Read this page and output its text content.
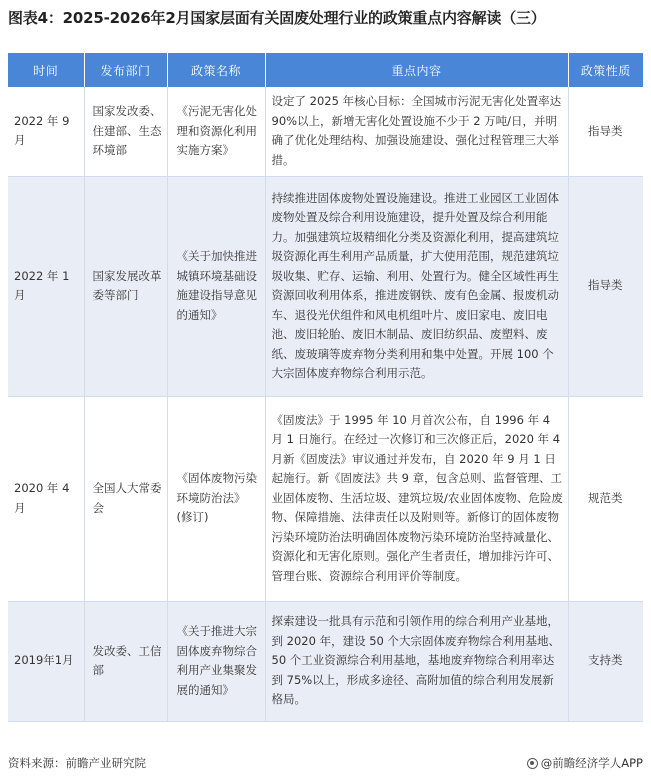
图表4：2025-2026年2月国家层面有关固废处理行业的政策重点内容解读（三）
时间	发布部门	政策名称	重点内容	政策性质
2022 年 9 月	国家发改委、住建部、生态环境部	《污泥无害化处理和资源化利用实施方案》	设定了 2025 年核心目标：全国城市污泥无害化处置率达 90%以上，新增无害化处置设施不少于 2 万吨/日，并明确了优化处理结构、加强设施建设、强化过程管理三大举措。	指导类
2022 年 1 月	国家发展改革委等部门	《关于加快推进城镇环境基础设施建设指导意见的通知》	持续推进固体废物处置设施建设。推进工业园区工业固体废物处置及综合利用设施建设，提升处置及综合利用能力。加强建筑垃圾精细化分类及资源化利用，提高建筑垃圾资源化再生利用产品质量，扩大使用范围，规范建筑垃圾收集、贮存、运输、利用、处置行为。健全区域性再生资源回收利用体系，推进废钢铁、废有色金属、报废机动车、退役光伏组件和风电机组叶片、废旧家电、废旧电池、废旧轮胎、废旧木制品、废旧纺织品、废塑料、废纸、废玻璃等废弃物分类利用和集中处置。开展 100 个大宗固体废弃物综合利用示范。	指导类
2020 年 4 月	全国人大常委会	《固体废物污染环境防治法》(修订)	《固废法》于 1995 年 10 月首次公布，自 1996 年 4 月 1 日施行。在经过一次修订和三次修正后，2020 年 4 月新《固废法》审议通过并发布，自 2020 年 9 月 1 日起施行。新《固废法》共 9 章，包含总则、监督管理、工业固体废物、生活垃圾、建筑垃圾/农业固体废物、危险废物、保障措施、法律责任以及附则等。新修订的固体废物污染环境防治法明确固体废物污染环境防治坚持减量化、资源化和无害化原则。强化产生者责任，增加排污许可、管理台账、资源综合利用评价等制度。	规范类
2019年1月	发改委、工信部	《关于推进大宗固体废弃物综合利用产业集聚发展的通知》	探索建设一批具有示范和引领作用的综合利用产业基地，到 2020 年，建设 50 个大宗固体废弃物综合利用基地、50 个工业资源综合利用基地，基地废弃物综合利用率达到 75%以上，形成多途径、高附加值的综合利用发展新格局。	支持类
资料来源：前瞻产业研究院	@前瞻经济学人APP
